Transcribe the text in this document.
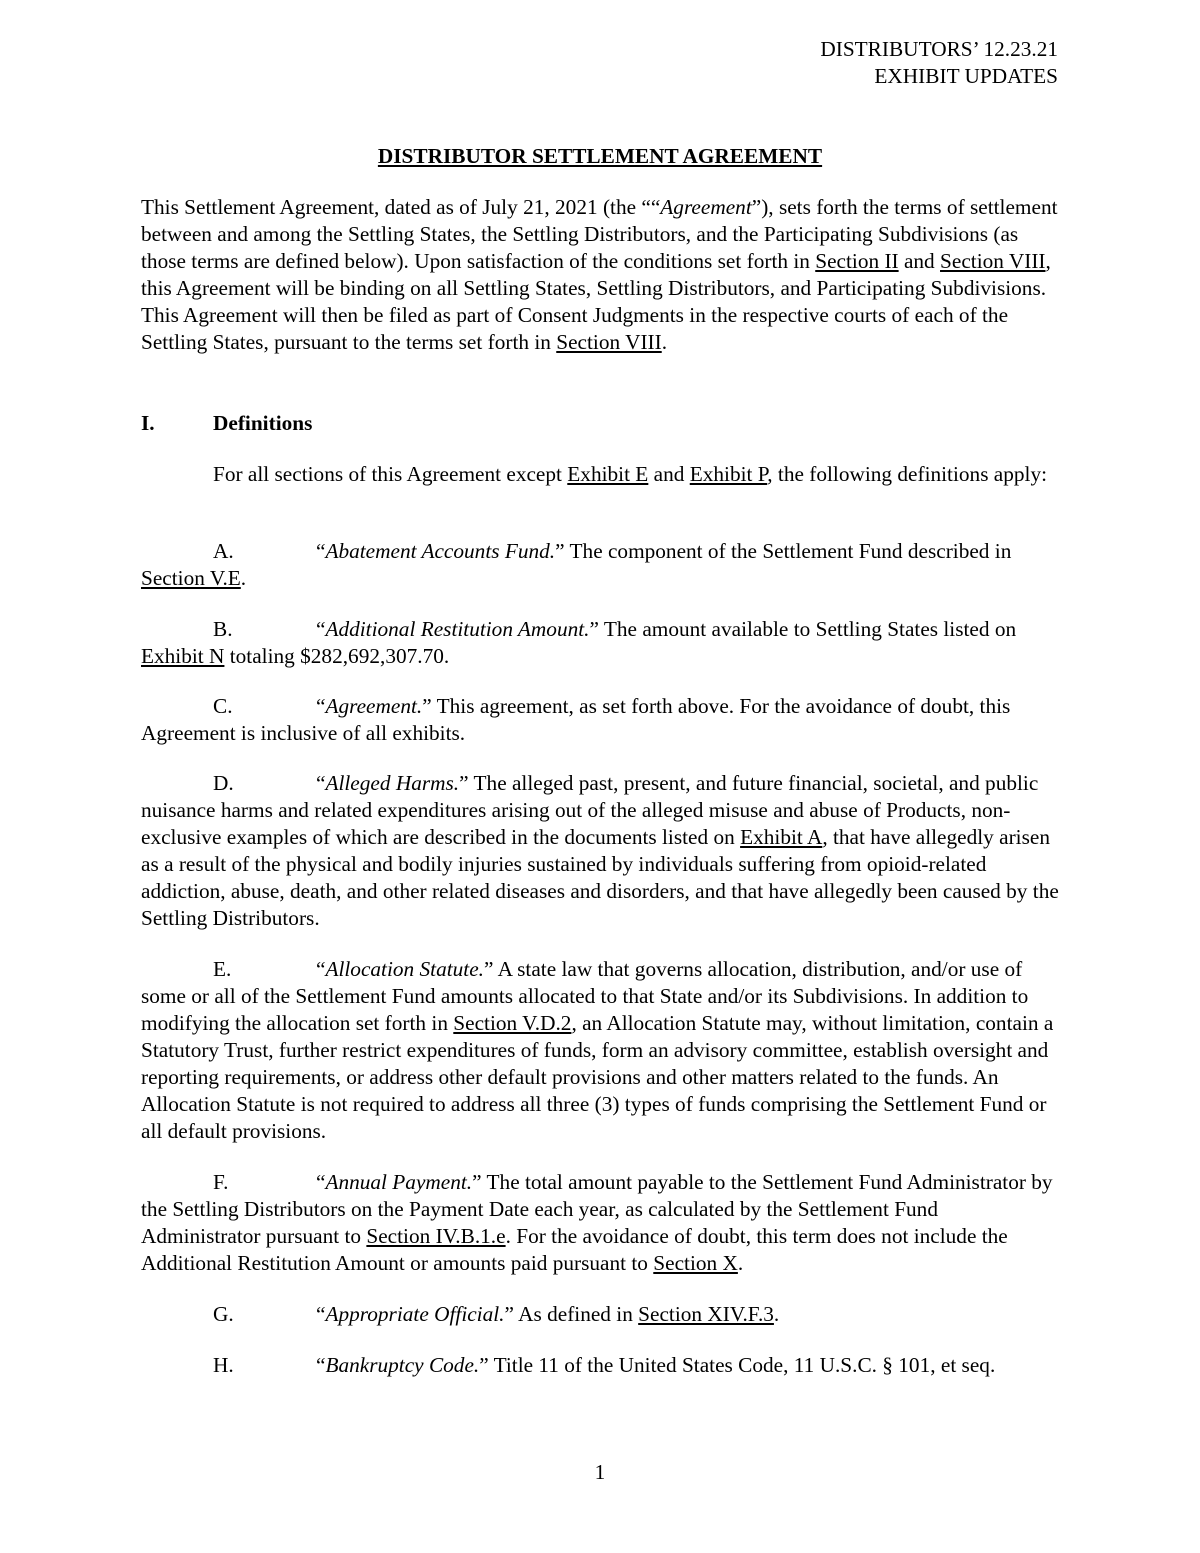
DISTRIBUTORS’ 12.23.21
EXHIBIT UPDATES
DISTRIBUTOR SETTLEMENT AGREEMENT

This Settlement Agreement, dated as of July 21, 2021 (the ““Agreement”), sets forth the terms of settlement between and among the Settling States, the Settling Distributors, and the Participating Subdivisions (as those terms are defined below). Upon satisfaction of the conditions set forth in Section II and Section VIII, this Agreement will be binding on all Settling States, Settling Distributors, and Participating Subdivisions. This Agreement will then be filed as part of Consent Judgments in the respective courts of each of the Settling States, pursuant to the terms set forth in Section VIII.

I.	Definitions

For all sections of this Agreement except Exhibit E and Exhibit P, the following definitions apply:

A.	“Abatement Accounts Fund.” The component of the Settlement Fund described in Section V.E.

B.	“Additional Restitution Amount.” The amount available to Settling States listed on Exhibit N totaling $282,692,307.70.

C.	“Agreement.” This agreement, as set forth above. For the avoidance of doubt, this Agreement is inclusive of all exhibits.

D.	“Alleged Harms.” The alleged past, present, and future financial, societal, and public nuisance harms and related expenditures arising out of the alleged misuse and abuse of Products, non-exclusive examples of which are described in the documents listed on Exhibit A, that have allegedly arisen as a result of the physical and bodily injuries sustained by individuals suffering from opioid-related addiction, abuse, death, and other related diseases and disorders, and that have allegedly been caused by the Settling Distributors.

E.	“Allocation Statute.” A state law that governs allocation, distribution, and/or use of some or all of the Settlement Fund amounts allocated to that State and/or its Subdivisions. In addition to modifying the allocation set forth in Section V.D.2, an Allocation Statute may, without limitation, contain a Statutory Trust, further restrict expenditures of funds, form an advisory committee, establish oversight and reporting requirements, or address other default provisions and other matters related to the funds. An Allocation Statute is not required to address all three (3) types of funds comprising the Settlement Fund or all default provisions.

F.	“Annual Payment.” The total amount payable to the Settlement Fund Administrator by the Settling Distributors on the Payment Date each year, as calculated by the Settlement Fund Administrator pursuant to Section IV.B.1.e. For the avoidance of doubt, this term does not include the Additional Restitution Amount or amounts paid pursuant to Section X.

G.	“Appropriate Official.” As defined in Section XIV.F.3.

H.	“Bankruptcy Code.” Title 11 of the United States Code, 11 U.S.C. § 101, et seq.

1
